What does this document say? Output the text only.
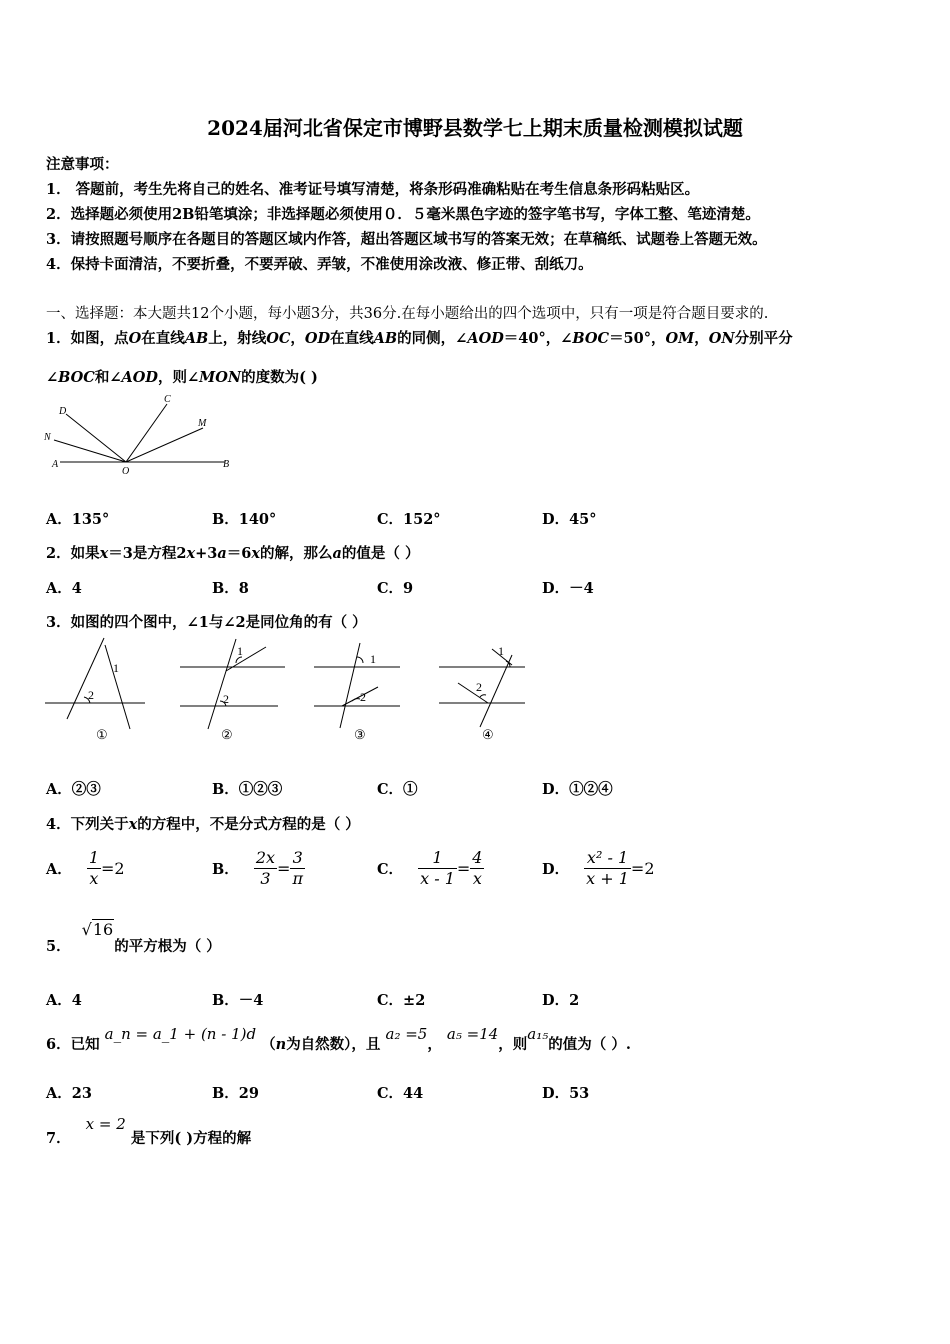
2024届河北省保定市博野县数学七上期末质量检测模拟试题
注意事项：
1． 答题前，考生先将自己的姓名、准考证号填写清楚，将条形码准确粘贴在考生信息条形码粘贴区。
2．选择题必须使用2B铅笔填涂；非选择题必须使用０．５毫米黑色字迹的签字笔书写，字体工整、笔迹清楚。
3．请按照题号顺序在各题目的答题区域内作答，超出答题区域书写的答案无效；在草稿纸、试题卷上答题无效。
4．保持卡面清洁，不要折叠，不要弄破、弄皱，不准使用涂改液、修正带、刮纸刀。
一、选择题：本大题共12个小题，每小题3分，共36分.在每小题给出的四个选项中，只有一项是符合题目要求的.
1．如图，点O在直线AB上，射线OC，OD在直线AB的同侧，∠AOD＝40°，∠BOC＝50°，OM，ON分别平分
∠BOC和∠AOD，则∠MON的度数为( )
D
C
M
N
A
O
B
A．135°	B．140°	C．152°	D．45°
2．如果x＝3是方程2x+3a＝6x的解，那么a的值是（ ）
A．4	B．8	C．9	D．－4
3．如图的四个图中，∠1与∠2是同位角的有（ ）
1
2
1
2
1
2
1
2
①	②	③	④
A．②③	B．①②③	C．①	D．①②④
4．下列关于x的方程中，不是分式方程的是（ ）
A． $\frac{1}{x} =2$	B． $\frac{2x}{3} = \frac{3}{\pi}$	C． $\frac{1}{x - 1} = \frac{4}{x}$	D． $\frac{\text{x² - 1}}{x + 1} =2$
5． √16的平方根为（ ）
A．4	B．－4	C．±2	D．2
6．已知 a_n = a_1 + (n - 1)d （n为自然数），且 a₂ =5， a₅ =14，则a₁₅的值为（ ）.
A．23	B．29	C．44	D．53
7． x = 2 是下列( )方程的解
